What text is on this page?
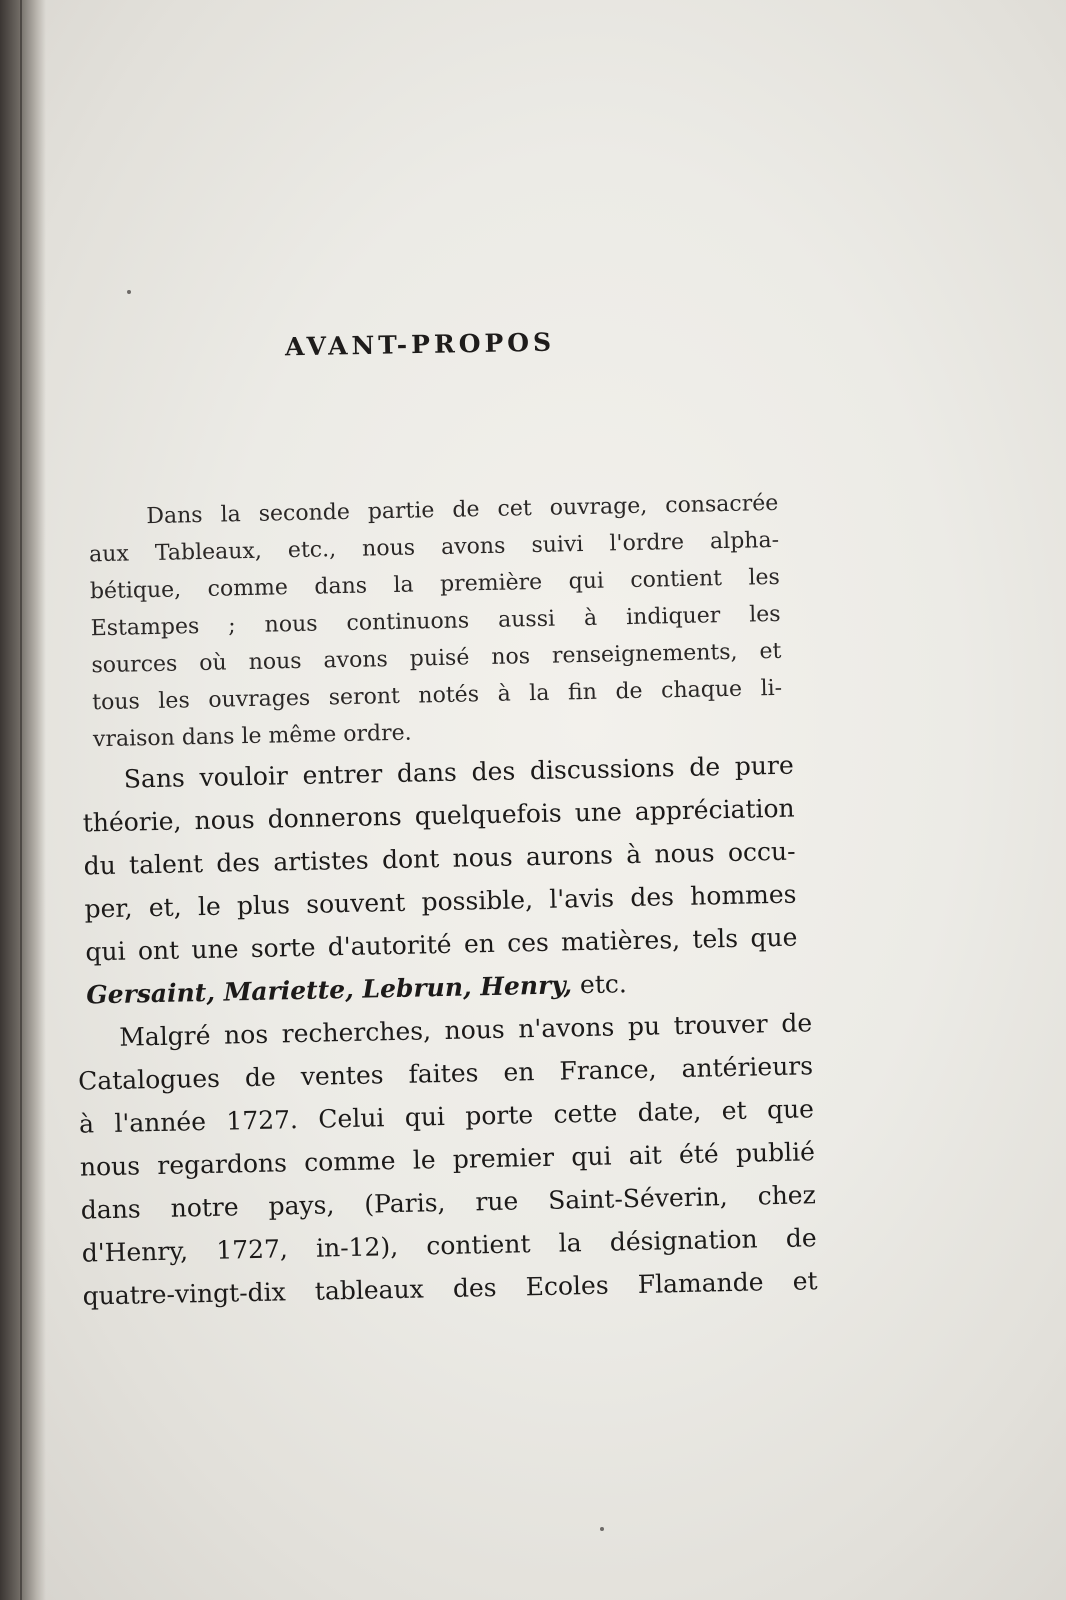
AVANT-PROPOS
Dans la seconde partie de cet ouvrage, consacrée
aux Tableaux, etc., nous avons suivi l'ordre alpha-
bétique, comme dans la première qui contient les
Estampes ; nous continuons aussi à indiquer les
sources où nous avons puisé nos renseignements, et
tous les ouvrages seront notés à la fin de chaque li-
vraison dans le même ordre.
Sans vouloir entrer dans des discussions de pure
théorie, nous donnerons quelquefois une appréciation
du talent des artistes dont nous aurons à nous occu-
per, et, le plus souvent possible, l'avis des hommes
qui ont une sorte d'autorité en ces matières, tels que
Gersaint, Mariette, Lebrun, Henry, etc.
Malgré nos recherches, nous n'avons pu trouver de
Catalogues de ventes faites en France, antérieurs
à l'année 1727. Celui qui porte cette date, et que
nous regardons comme le premier qui ait été publié
dans notre pays, (Paris, rue Saint-Séverin, chez
d'Henry, 1727, in-12), contient la désignation de
quatre-vingt-dix tableaux des Ecoles Flamande et
